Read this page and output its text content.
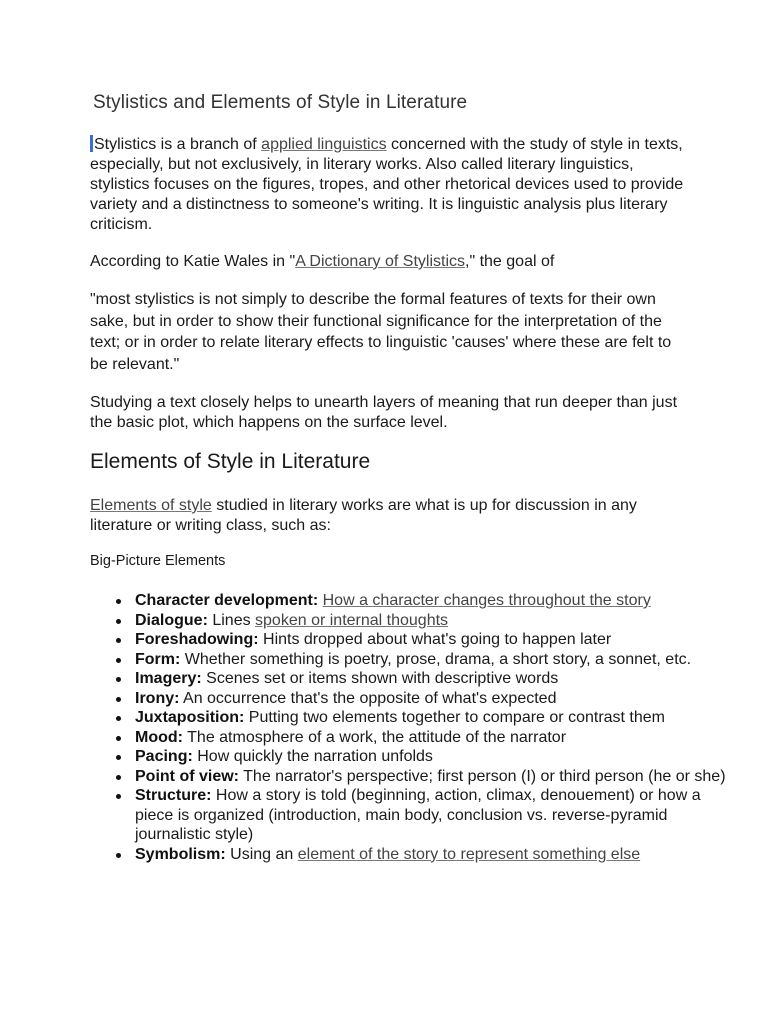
Stylistics and Elements of Style in Literature

Stylistics is a branch of applied linguistics concerned with the study of style in texts, especially, but not exclusively, in literary works. Also called literary linguistics, stylistics focuses on the figures, tropes, and other rhetorical devices used to provide variety and a distinctness to someone's writing. It is linguistic analysis plus literary criticism.

According to Katie Wales in "A Dictionary of Stylistics," the goal of

"most stylistics is not simply to describe the formal features of texts for their own sake, but in order to show their functional significance for the interpretation of the text; or in order to relate literary effects to linguistic 'causes' where these are felt to be relevant."

Studying a text closely helps to unearth layers of meaning that run deeper than just the basic plot, which happens on the surface level.

Elements of Style in Literature

Elements of style studied in literary works are what is up for discussion in any literature or writing class, such as:

Big-Picture Elements
Character development: How a character changes throughout the story
Dialogue: Lines spoken or internal thoughts
Foreshadowing: Hints dropped about what's going to happen later
Form: Whether something is poetry, prose, drama, a short story, a sonnet, etc.
Imagery: Scenes set or items shown with descriptive words
Irony: An occurrence that's the opposite of what's expected
Juxtaposition: Putting two elements together to compare or contrast them
Mood: The atmosphere of a work, the attitude of the narrator
Pacing: How quickly the narration unfolds
Point of view: The narrator's perspective; first person (I) or third person (he or she)
Structure: How a story is told (beginning, action, climax, denouement) or how a piece is organized (introduction, main body, conclusion vs. reverse-pyramid journalistic style)
Symbolism: Using an element of the story to represent something else
